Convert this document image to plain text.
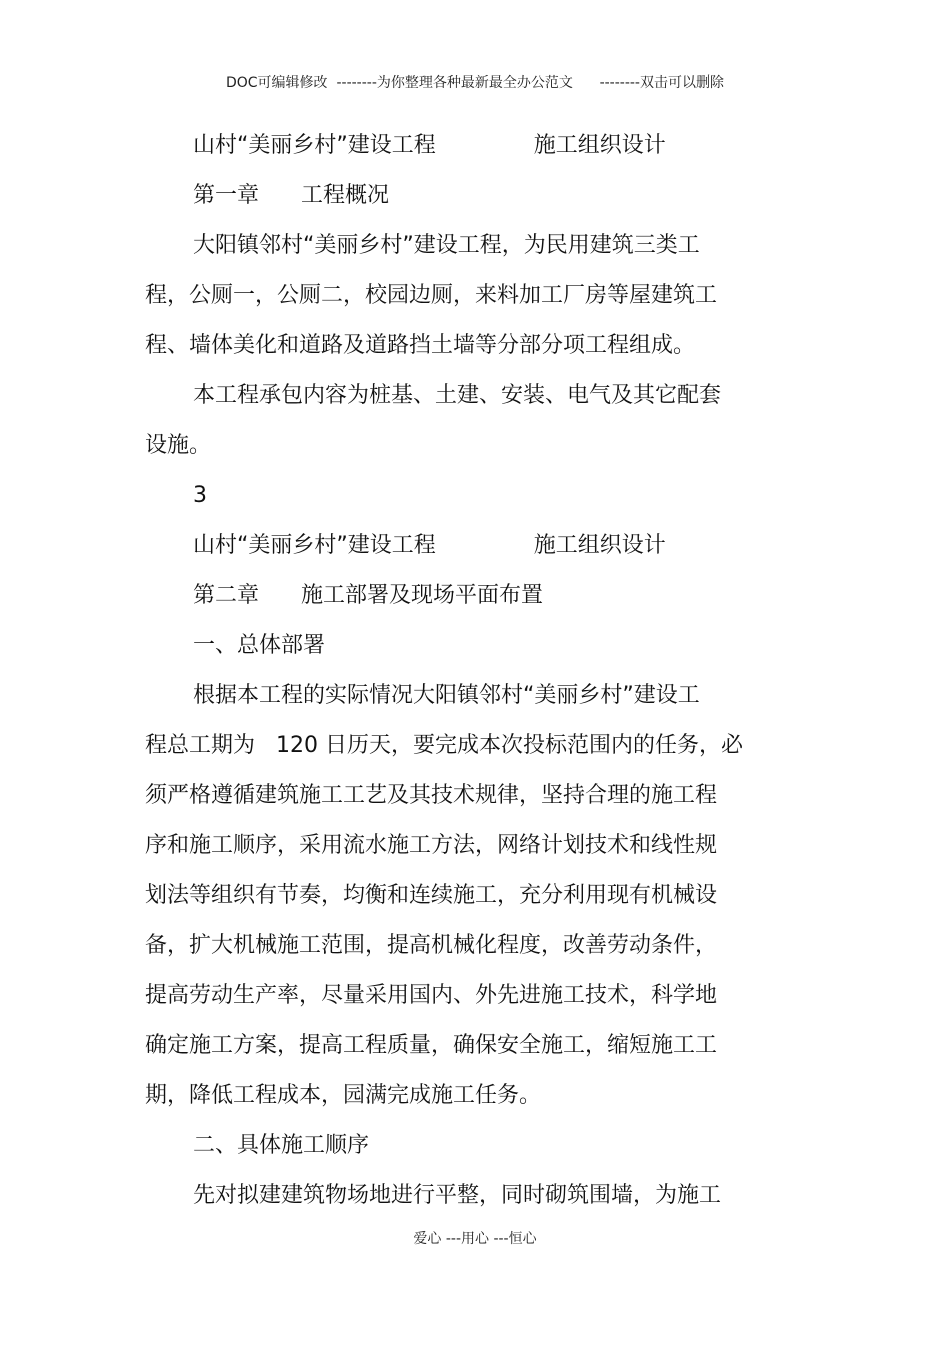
DOC可编辑修改  --------为你整理各种最新最全办公范文      --------双击可以删除
山村“美丽乡村”建设工程              施工组织设计
第一章      工程概况
大阳镇邻村“美丽乡村”建设工程，为民用建筑三类工
程，公厕一，公厕二，校园边厕，来料加工厂房等屋建筑工
程、墙体美化和道路及道路挡土墙等分部分项工程组成。
本工程承包内容为桩基、土建、安装、电气及其它配套
设施。
3
山村“美丽乡村”建设工程              施工组织设计
第二章      施工部署及现场平面布置
一、总体部署
根据本工程的实际情况大阳镇邻村“美丽乡村”建设工
程总工期为   120 日历天，要完成本次投标范围内的任务，必
须严格遵循建筑施工工艺及其技术规律，坚持合理的施工程
序和施工顺序，采用流水施工方法，网络计划技术和线性规
划法等组织有节奏，均衡和连续施工，充分利用现有机械设
备，扩大机械施工范围，提高机械化程度，改善劳动条件，
提高劳动生产率，尽量采用国内、外先进施工技术，科学地
确定施工方案，提高工程质量，确保安全施工，缩短施工工
期，降低工程成本，园满完成施工任务。
二、具体施工顺序
先对拟建建筑物场地进行平整，同时砌筑围墙，为施工
爱心 ---用心 ---恒心
